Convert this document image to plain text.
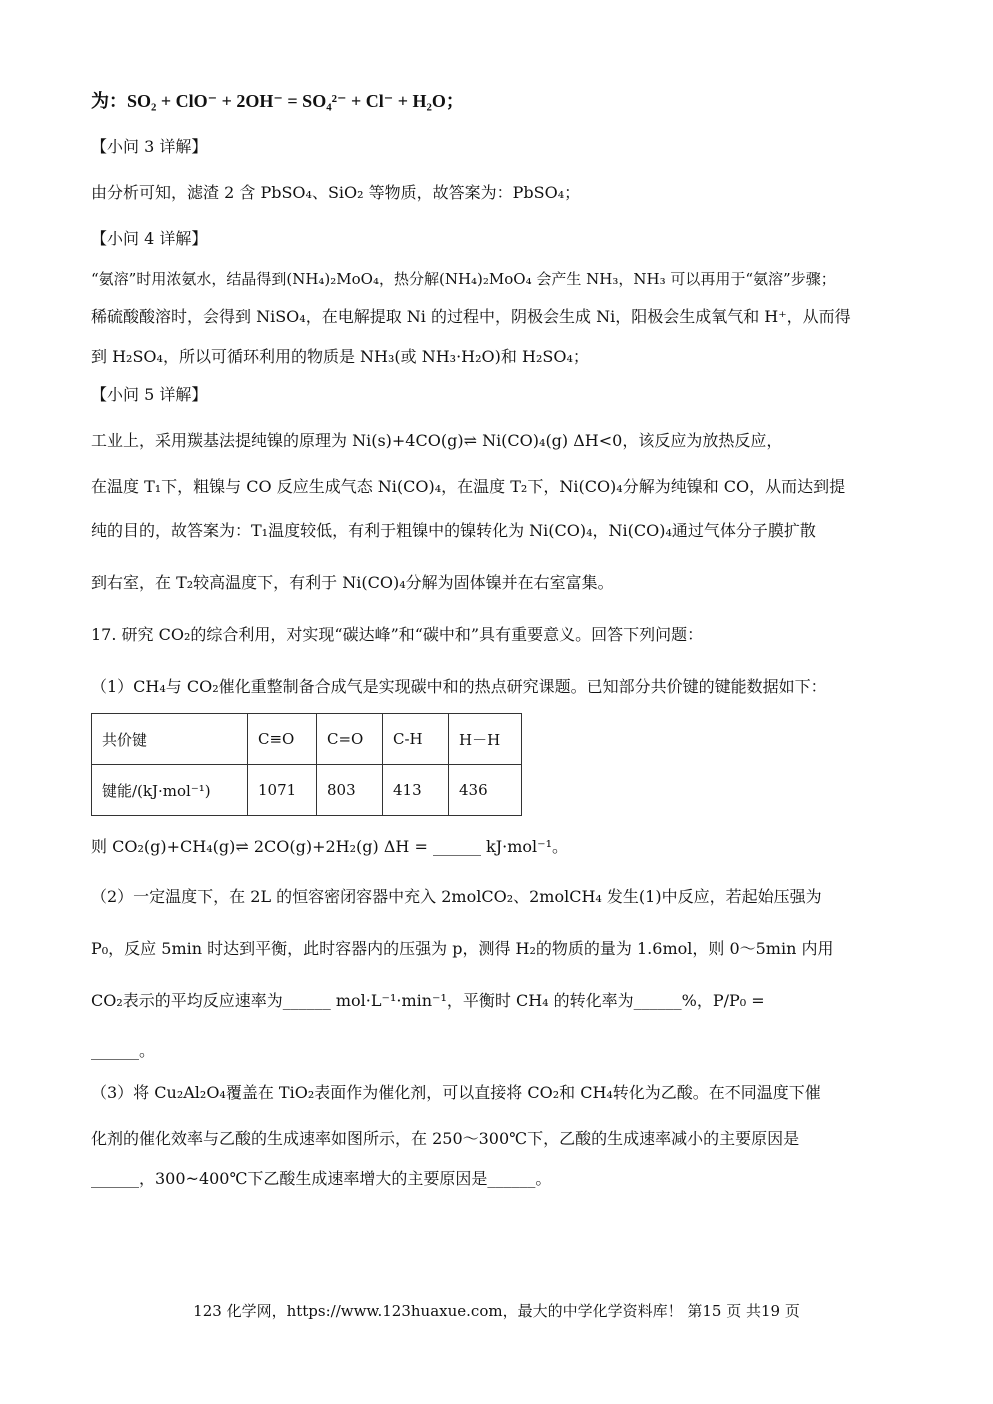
为：SO₂ + ClO⁻ + 2OH⁻ = SO₄²⁻ + Cl⁻ + H₂O；
【小问 3 详解】
由分析可知，滤渣 2 含 PbSO₄、SiO₂ 等物质，故答案为：PbSO₄；
【小问 4 详解】
“氨溶”时用浓氨水，结晶得到(NH₄)₂MoO₄，热分解(NH₄)₂MoO₄ 会产生 NH₃，NH₃ 可以再用于“氨溶”步骤；
稀硫酸酸溶时，会得到 NiSO₄，在电解提取 Ni 的过程中，阴极会生成 Ni，阳极会生成氧气和 H⁺，从而得
到 H₂SO₄，所以可循环利用的物质是 NH₃(或 NH₃·H₂O)和 H₂SO₄；
【小问 5 详解】
工业上，采用羰基法提纯镍的原理为 Ni(s)+4CO(g)⇌ Ni(CO)₄(g) ΔH<0，该反应为放热反应，
在温度 T₁下，粗镍与 CO 反应生成气态 Ni(CO)₄，在温度 T₂下，Ni(CO)₄分解为纯镍和 CO，从而达到提
纯的目的，故答案为：T₁温度较低，有利于粗镍中的镍转化为 Ni(CO)₄，Ni(CO)₄通过气体分子膜扩散
到右室，在 T₂较高温度下，有利于 Ni(CO)₄分解为固体镍并在右室富集。
17. 研究 CO₂的综合利用，对实现“碳达峰”和“碳中和”具有重要意义。回答下列问题：
（1）CH₄与 CO₂催化重整制备合成气是实现碳中和的热点研究课题。已知部分共价键的键能数据如下：
共价键	C≡O	C=O	C-H	H－H
键能/(kJ·mol⁻¹)	1071	803	413	436
则 CO₂(g)+CH₄(g)⇌ 2CO(g)+2H₂(g) ΔH = ______ kJ·mol⁻¹。
（2）一定温度下，在 2L 的恒容密闭容器中充入 2molCO₂、2molCH₄ 发生(1)中反应，若起始压强为
P₀，反应 5min 时达到平衡，此时容器内的压强为 p，测得 H₂的物质的量为 1.6mol，则 0～5min 内用
CO₂表示的平均反应速率为______ mol·L⁻¹·min⁻¹，平衡时 CH₄ 的转化率为______%，P/P₀ =
______。
（3）将 Cu₂Al₂O₄覆盖在 TiO₂表面作为催化剂，可以直接将 CO₂和 CH₄转化为乙酸。在不同温度下催
化剂的催化效率与乙酸的生成速率如图所示，在 250～300℃下，乙酸的生成速率减小的主要原因是
______，300~400℃下乙酸生成速率增大的主要原因是______。
123 化学网，https://www.123huaxue.com，最大的中学化学资料库！ 第15 页 共19 页
